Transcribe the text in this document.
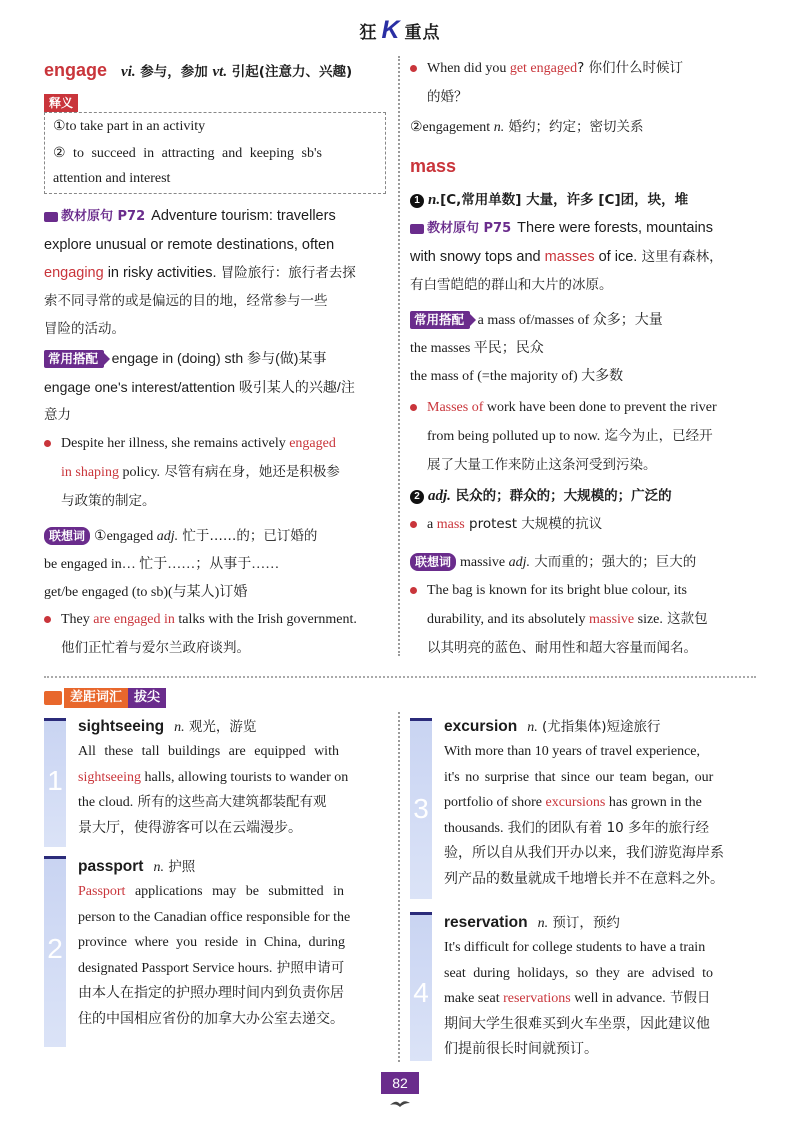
狂 K 重点
engage vi. 参与，参加 vt. 引起(注意力、兴趣)
释义
①to take part in an activity
② to succeed in attracting and keeping sb's
attention and interest
教材原句 P72 Adventure tourism: travellers
explore unusual or remote destinations, often
engaging in risky activities. 冒险旅行：旅行者去探
索不同寻常的或是偏远的目的地，经常参与一些
冒险的活动。
常用搭配 engage in (doing) sth 参与(做)某事
engage one's interest/attention 吸引某人的兴趣/注
意力
Despite her illness, she remains actively engaged
in shaping policy. 尽管有病在身，她还是积极参
与政策的制定。
联想词 ①engaged adj. 忙于……的；已订婚的
be engaged in… 忙于……；从事于……
get/be engaged (to sb)(与某人)订婚
They are engaged in talks with the Irish government.
他们正忙着与爱尔兰政府谈判。
When did you get engaged? 你们什么时候订
的婚？
②engagement n. 婚约；约定；密切关系
mass
1 n.[C,常用单数] 大量，许多 [C]团，块，堆
教材原句 P75 There were forests, mountains
with snowy tops and masses of ice. 这里有森林，
有白雪皑皑的群山和大片的冰原。
常用搭配 a mass of/masses of 众多；大量
the masses 平民；民众
the mass of (=the majority of) 大多数
Masses of work have been done to prevent the river
from being polluted up to now. 迄今为止，已经开
展了大量工作来防止这条河受到污染。
2 adj. 民众的；群众的；大规模的；广泛的
a mass protest 大规模的抗议
联想词 massive adj. 大而重的；强大的；巨大的
The bag is known for its bright blue colour, its
durability, and its absolutely massive size. 这款包
以其明亮的蓝色、耐用性和超大容量而闻名。
差距词汇 拔尖
1
sightseeing n. 观光，游览
All these tall buildings are equipped with
sightseeing halls, allowing tourists to wander on
the cloud. 所有的这些高大建筑都装配有观
景大厅，使得游客可以在云端漫步。
2
passport n. 护照
Passport applications may be submitted in
person to the Canadian office responsible for the
province where you reside in China, during
designated Passport Service hours. 护照申请可
由本人在指定的护照办理时间内到负责你居
住的中国相应省份的加拿大办公室去递交。
3
excursion n. (尤指集体)短途旅行
With more than 10 years of travel experience,
it's no surprise that since our team began, our
portfolio of shore excursions has grown in the
thousands. 我们的团队有着 10 多年的旅行经
验，所以自从我们开办以来，我们游览海岸系
列产品的数量就成千地增长并不在意料之外。
4
reservation n. 预订，预约
It's difficult for college students to have a train
seat during holidays, so they are advised to
make seat reservations well in advance. 节假日
期间大学生很难买到火车坐票，因此建议他
们提前很长时间就预订。
82
